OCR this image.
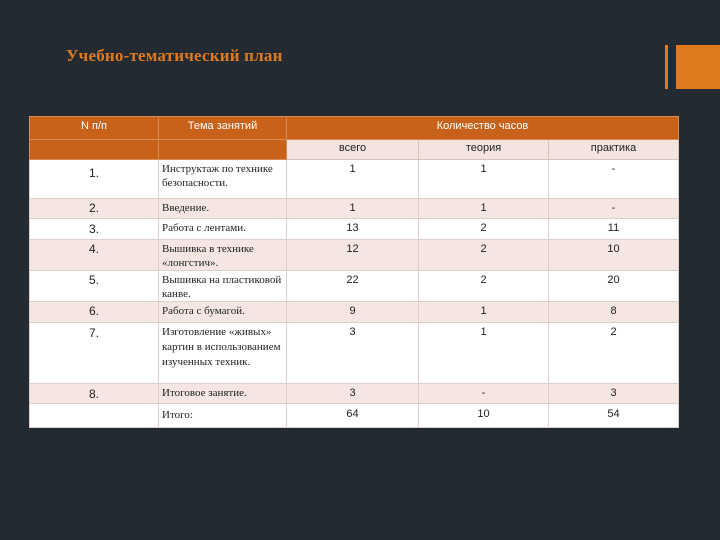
Учебно-тематический план
N п/п	Тема занятий	Количество часов		
		всего	теория	практика
1.	Инструктаж по технике безопасности.	1	1	-
2.	Введение.	1	1	-
3.	Работа с лентами.	13	2	11
4.	Вышивка в технике «лонгстич».	12	2	10
5.	Вышивка на пластиковой канве.	22	2	20
6.	Работа с бумагой.	9	1	8
7.	Изготовление «живых» картин в использованием изученных техник.	3	1	2
8.	Итоговое занятие.	3	-	3
	Итого:	64	10	54
